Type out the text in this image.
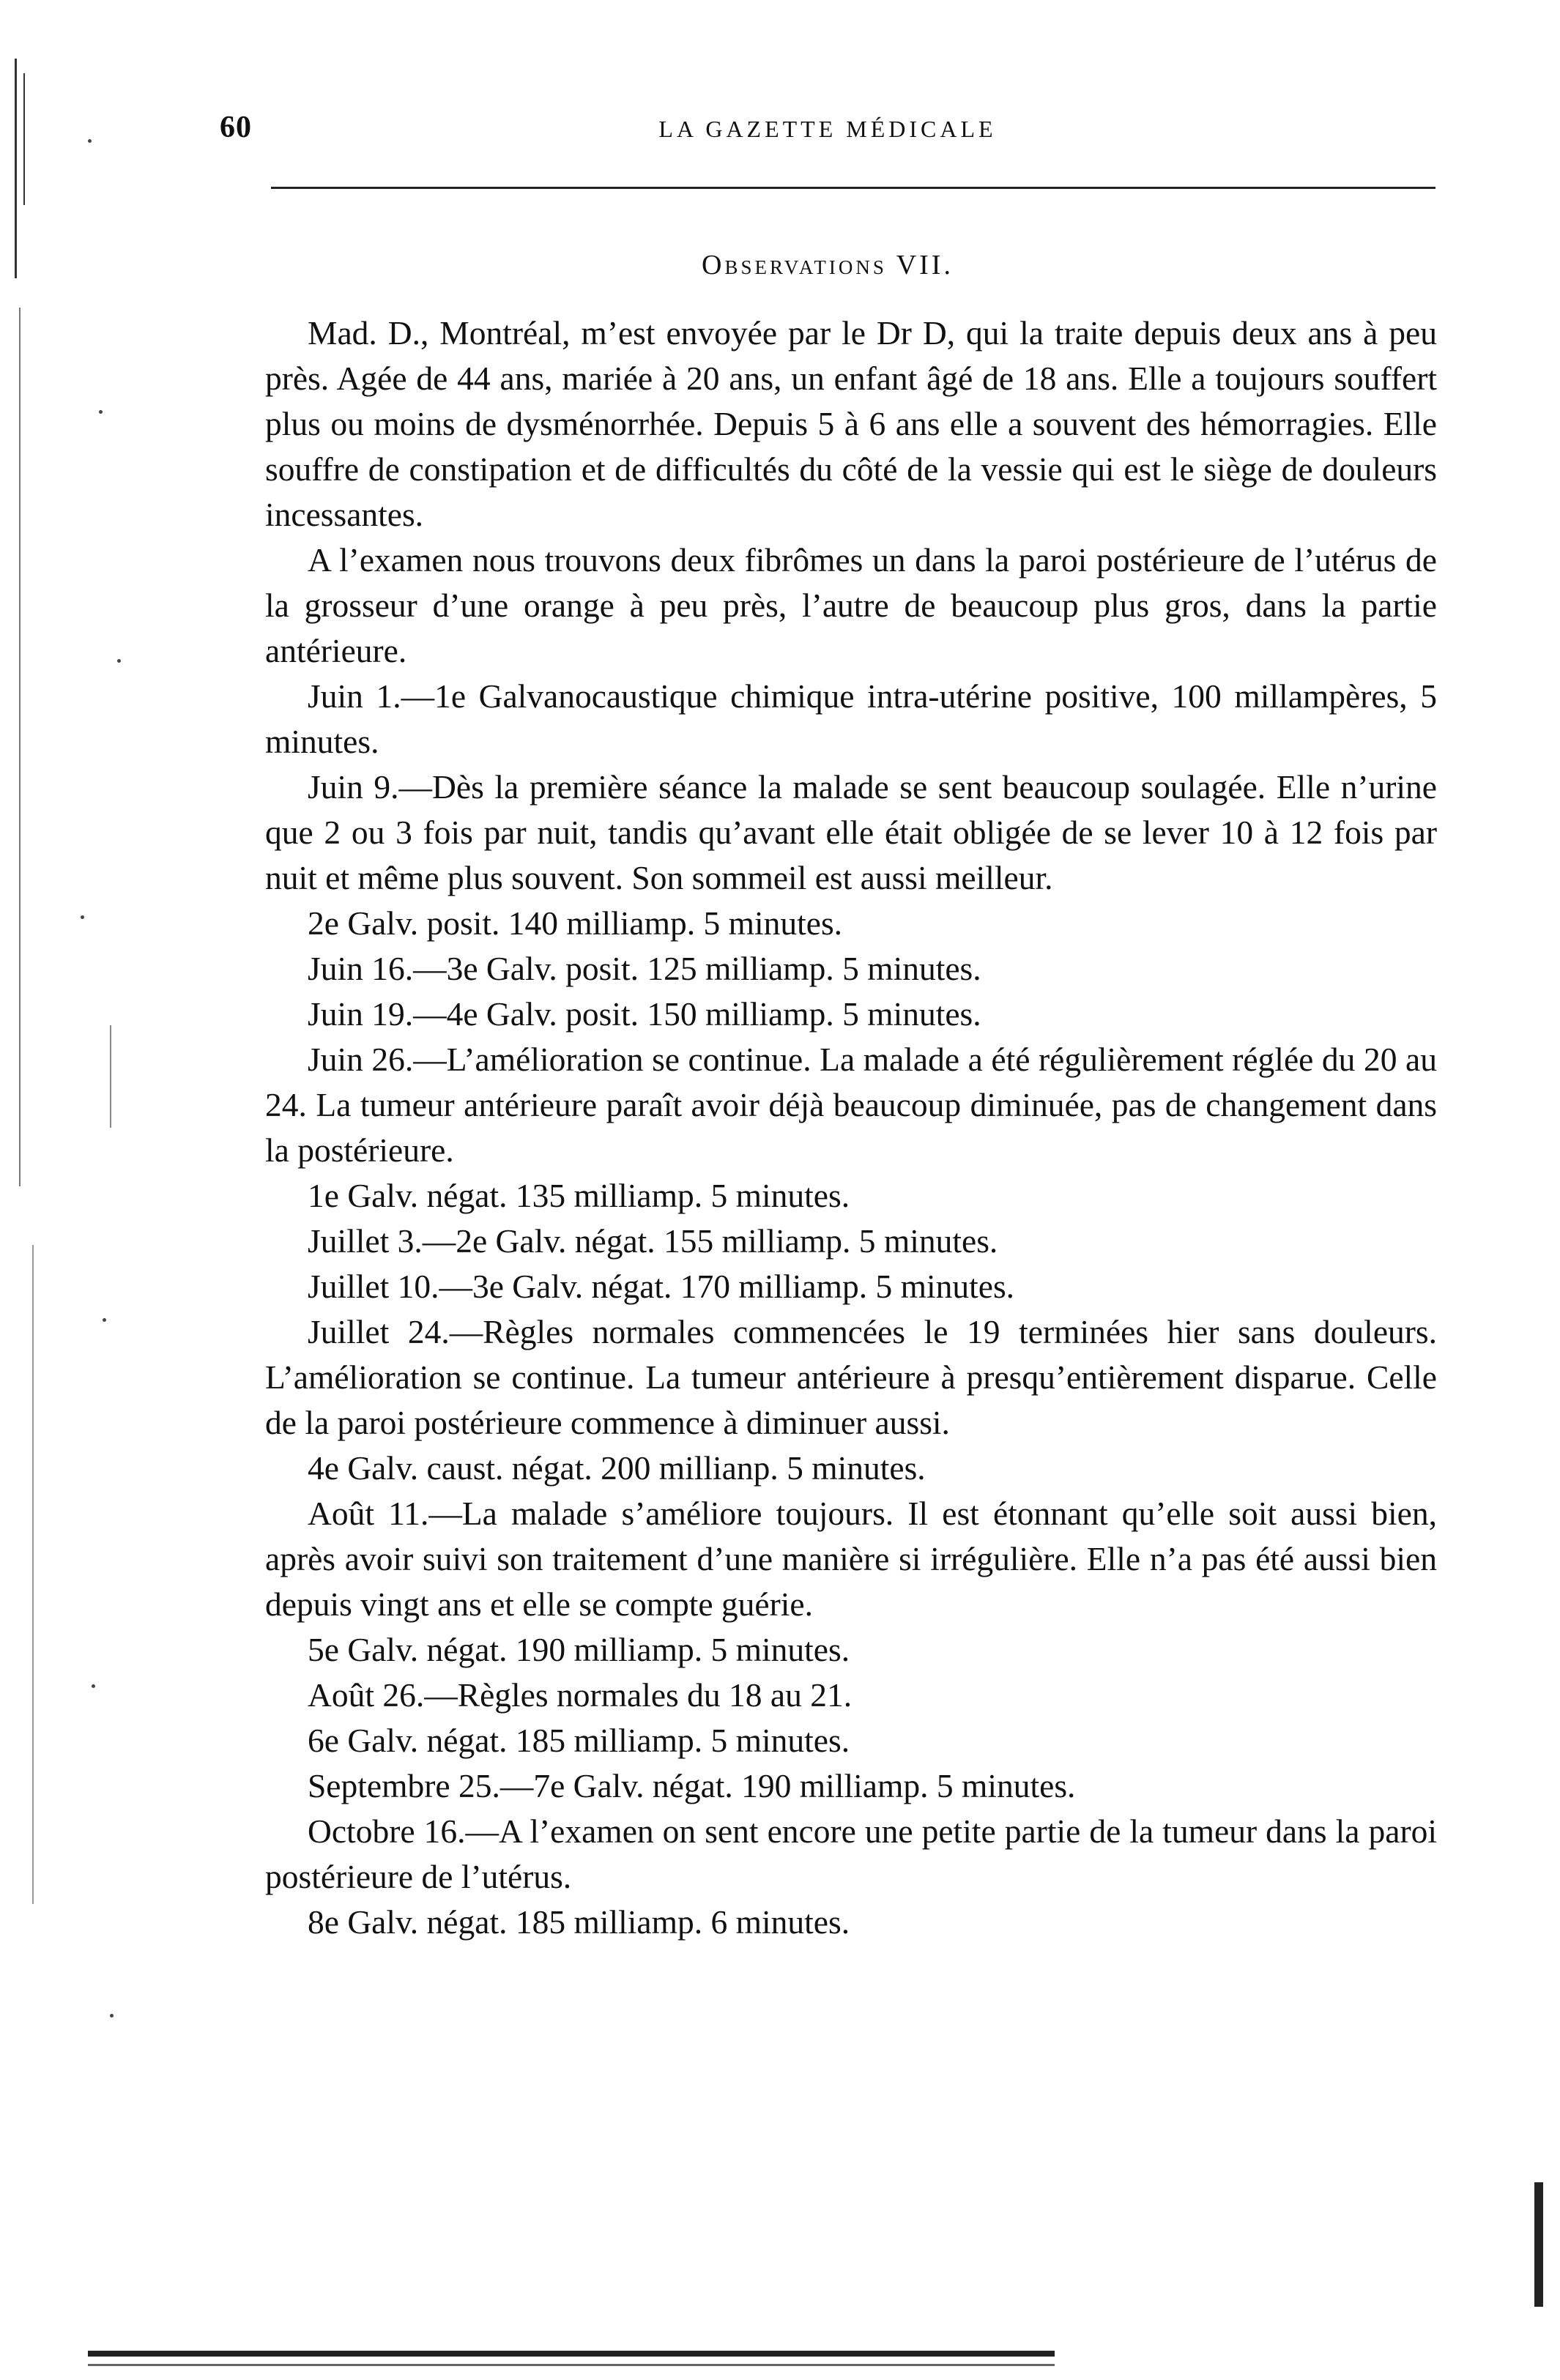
60	LA GAZETTE MÉDICALE
Observations VII.

Mad. D., Montréal, m’est envoyée par le Dr D, qui la traite depuis deux ans à peu près. Agée de 44 ans, mariée à 20 ans, un enfant âgé de 18 ans. Elle a toujours souffert plus ou moins de dysménorrhée. Depuis 5 à 6 ans elle a souvent des hémorragies. Elle souffre de constipation et de difficultés du côté de la vessie qui est le siège de douleurs incessantes.

A l’examen nous trouvons deux fibrômes un dans la paroi postérieure de l’utérus de la grosseur d’une orange à peu près, l’autre de beaucoup plus gros, dans la partie antérieure.

Juin 1.—1e Galvanocaustique chimique intra-utérine positive, 100 millampères, 5 minutes.

Juin 9.—Dès la première séance la malade se sent beaucoup soulagée. Elle n’urine que 2 ou 3 fois par nuit, tandis qu’avant elle était obligée de se lever 10 à 12 fois par nuit et même plus souvent. Son sommeil est aussi meilleur.

2e Galv. posit. 140 milliamp. 5 minutes.

Juin 16.—3e Galv. posit. 125 milliamp. 5 minutes.

Juin 19.—4e Galv. posit. 150 milliamp. 5 minutes.

Juin 26.—L’amélioration se continue. La malade a été régulièrement réglée du 20 au 24. La tumeur antérieure paraît avoir déjà beaucoup diminuée, pas de changement dans la postérieure.

1e Galv. négat. 135 milliamp. 5 minutes.

Juillet 3.—2e Galv. négat. 155 milliamp. 5 minutes.

Juillet 10.—3e Galv. négat. 170 milliamp. 5 minutes.

Juillet 24.—Règles normales commencées le 19 terminées hier sans douleurs. L’amélioration se continue. La tumeur antérieure à presqu’entièrement disparue. Celle de la paroi postérieure commence à diminuer aussi.

4e Galv. caust. négat. 200 millianp. 5 minutes.

Août 11.—La malade s’améliore toujours. Il est étonnant qu’elle soit aussi bien, après avoir suivi son traitement d’une manière si irrégulière. Elle n’a pas été aussi bien depuis vingt ans et elle se compte guérie.

5e Galv. négat. 190 milliamp. 5 minutes.

Août 26.—Règles normales du 18 au 21.

6e Galv. négat. 185 milliamp. 5 minutes.

Septembre 25.—7e Galv. négat. 190 milliamp. 5 minutes.

Octobre 16.—A l’examen on sent encore une petite partie de la tumeur dans la paroi postérieure de l’utérus.

8e Galv. négat. 185 milliamp. 6 minutes.
